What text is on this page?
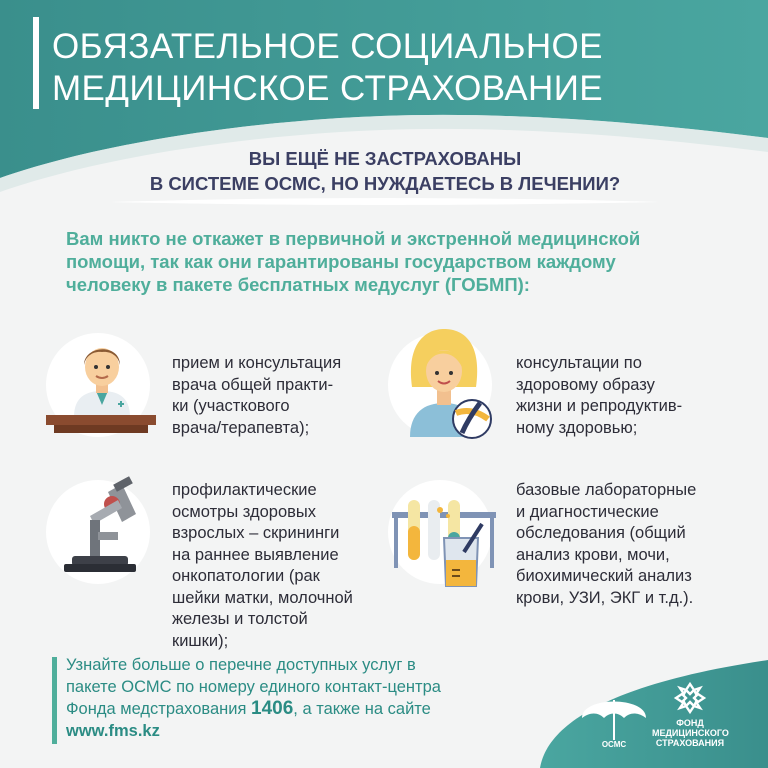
ОБЯЗАТЕЛЬНОЕ СОЦИАЛЬНОЕ
МЕДИЦИНСКОЕ СТРАХОВАНИЕ
ВЫ ЕЩЁ НЕ ЗАСТРАХОВАНЫ
В СИСТЕМЕ ОСМС, НО НУЖДАЕТЕСЬ В ЛЕЧЕНИИ?
Вам никто не откажет в первичной и экстренной медицинской
помощи, так как они гарантированы государством каждому
человеку в пакете бесплатных медуслуг (ГОБМП):
прием и консультация
врача общей практи-
ки (участкового
врача/терапевта);
консультации по
здоровому образу
жизни и репродуктив-
ному здоровью;
профилактические
осмотры здоровых
взрослых – скрининги
на раннее выявление
онкопатологии (рак
шейки матки, молочной
железы и толстой
кишки);
базовые лабораторные
и диагностические
обследования (общий
анализ крови, мочи,
биохимический анализ
крови, УЗИ, ЭКГ и т.д.).
Узнайте больше о перечне доступных услуг в
пакете ОСМС по номеру единого контакт-центра
Фонда медстрахования 1406, а также на сайте
www.fms.kz
ОСМС
ФОНД
МЕДИЦИНСКОГО
СТРАХОВАНИЯ
